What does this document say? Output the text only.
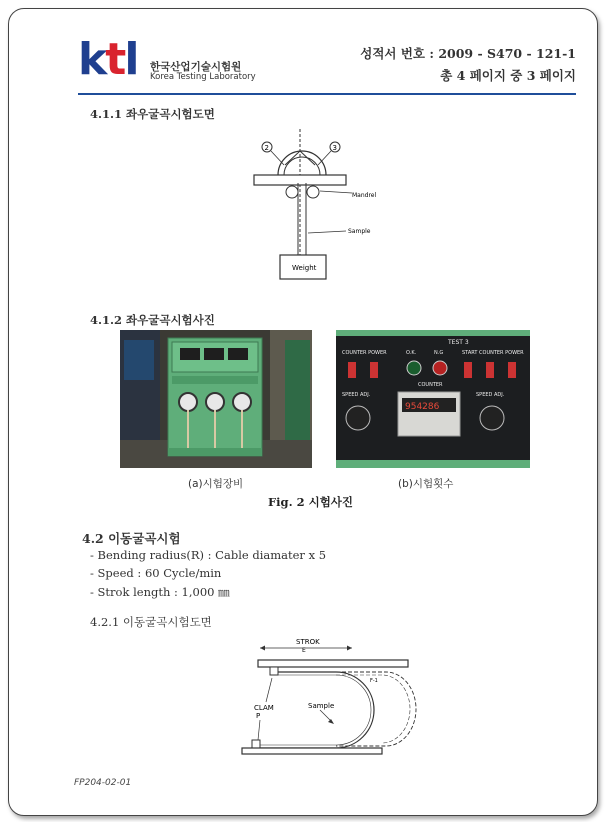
ktl 한국산업기술시험원
Korea Testing Laboratory
성적서 번호 : 2009 - S470 - 121-1
총 4 페이지 중 3 페이지
4.1.1 좌우굴곡시험도면
2	3
Mandrel
Sample
Weight
4.1.2 좌우굴곡시험사진
TEST 3
COUNTER POWER	O.K.	N.G	START COUNTER POWER
COUNTER
SPEED ADJ.	SPEED ADJ.
954286
(a)시험장비	(b)시험횟수
Fig. 2 시험사진
4.2 이동굴곡시험
- Bending radius(R) : Cable diamater x 5
- Speed : 60 Cycle/min
- Strok length : 1,000 ㎜
4.2.1 이동굴곡시험도면
STROK
E
F-1
Sample
CLAM
P
FP204-02-01
